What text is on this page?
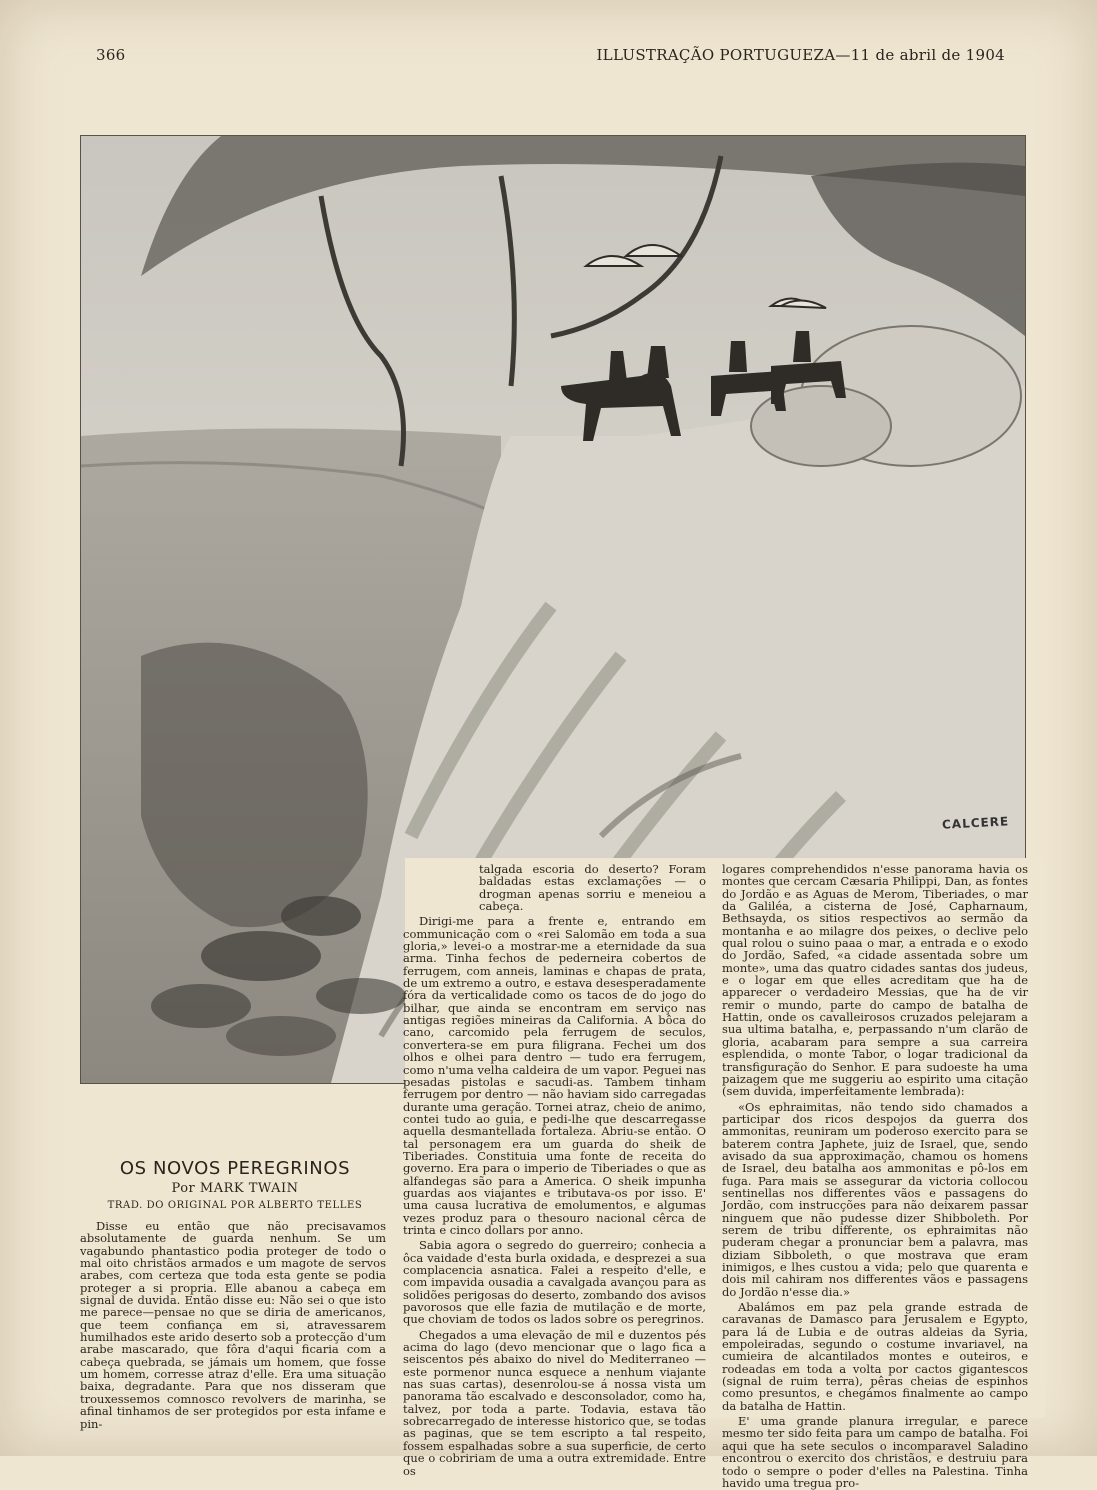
366	ILLUSTRAÇÃO PORTUGUEZA—11 de abril de 1904
CALCERE

talgada escoria do deserto? Foram baldadas estas exclamações — o drogman apenas sorriu e meneiou a cabeça.

Dirigi-me para a frente e, entrando em communicação com o «rei Salomão em toda a sua gloria,» levei-o a mostrar-me a eternidade da sua arma. Tinha fechos de pederneira cobertos de ferrugem, com anneis, laminas e chapas de prata, de um extremo a outro, e estava desesperadamente fóra da verticalidade como os tacos de do jogo do bilhar, que ainda se encontram em serviço nas antigas regiões mineiras da California. A bôca do cano, carcomido pela ferrugem de seculos, convertera-se em pura filigrana. Fechei um dos olhos e olhei para dentro — tudo era ferrugem, como n'uma velha caldeira de um vapor. Peguei nas pesadas pistolas e sacudi-as. Tambem tinham ferrugem por dentro — não haviam sido carregadas durante uma geração. Tornei atraz, cheio de animo, contei tudo ao guia, e pedi-lhe que descarregasse aquella desmantellada fortaleza. Abriu-se então. O tal personagem era um guarda do sheik de Tiberiades. Constituia uma fonte de receita do governo. Era para o imperio de Tiberiades o que as alfandegas são para a America. O sheik impunha guardas aos viajantes e tributava-os por isso. E' uma causa lucrativa de emolumentos, e algumas vezes produz para o thesouro nacional cêrca de trinta e cinco dollars por anno.

Sabia agora o segredo do guerreiro; conhecia a ôca vaidade d'esta burla oxidada, e desprezei a sua complacencia asnatica. Falei a respeito d'elle, e com impavida ousadia a cavalgada avançou para as solidões perigosas do deserto, zombando dos avisos pavorosos que elle fazia de mutilação e de morte, que choviam de todos os lados sobre os peregrinos.

Chegados a uma elevação de mil e duzentos pés acima do lago (devo mencionar que o lago fica a seiscentos pés abaixo do nivel do Mediterraneo — este pormenor nunca esquece a nenhum viajante nas suas cartas), desenrolou-se á nossa vista um panorama tão escalvado e desconsolador, como ha, talvez, por toda a parte. Todavia, estava tão sobrecarregado de interesse historico que, se todas as paginas, que se tem escripto a tal respeito, fossem espalhadas sobre a sua superficie, de certo que o cobririam de uma a outra extremidade. Entre os

logares comprehendidos n'esse panorama havia os montes que cercam Cæsaria Philippi, Dan, as fontes do Jordão e as Aguas de Merom, Tiberiades, o mar da Galiléa, a cisterna de José, Capharnaum, Bethsayda, os sitios respectivos ao sermão da montanha e ao milagre dos peixes, o declive pelo qual rolou o suino paaa o mar, a entrada e o exodo do Jordão, Safed, «a cidade assentada sobre um monte», uma das quatro cidades santas dos judeus, e o logar em que elles acreditam que ha de apparecer o verdadeiro Messias, que ha de vir remir o mundo, parte do campo de batalha de Hattin, onde os cavalleirosos cruzados pelejaram a sua ultima batalha, e, perpassando n'um clarão de gloria, acabaram para sempre a sua carreira esplendida, o monte Tabor, o logar tradicional da transfiguração do Senhor. E para sudoeste ha uma paizagem que me suggeriu ao espirito uma citação (sem duvida, imperfeitamente lembrada):

«Os ephraimitas, não tendo sido chamados a participar dos ricos despojos da guerra dos ammonitas, reuniram um poderoso exercito para se baterem contra Japhete, juiz de Israel, que, sendo avisado da sua approximação, chamou os homens de Israel, deu batalha aos ammonitas e pô-los em fuga. Para mais se assegurar da victoria collocou sentinellas nos differentes vãos e passagens do Jordão, com instrucções para não deixarem passar ninguem que não pudesse dizer Shibboleth. Por serem de tribu differente, os ephraimitas não puderam chegar a pronunciar bem a palavra, mas diziam Sibboleth, o que mostrava que eram inimigos, e lhes custou a vida; pelo que quarenta e dois mil cahiram nos differentes vãos e passagens do Jordão n'esse dia.»

Abalámos em paz pela grande estrada de caravanas de Damasco para Jerusalem e Egypto, para lá de Lubia e de outras aldeias da Syria, empoleiradas, segundo o costume invariavel, na cumieira de alcantilados montes e outeiros, e rodeadas em toda a volta por cactos gigantescos (signal de ruim terra), pêras cheias de espinhos como presuntos, e chegámos finalmente ao campo da batalha de Hattin.

E' uma grande planura irregular, e parece mesmo ter sido feita para um campo de batalha. Foi aqui que ha sete seculos o incomparavel Saladino encontrou o exercito dos christãos, e destruiu para todo o sempre o poder d'elles na Palestina. Tinha havido uma tregua pro-

OS NOVOS PEREGRINOS
Por MARK TWAIN
TRAD. DO ORIGINAL POR ALBERTO TELLES

Disse eu então que não precisavamos absolutamente de guarda nenhum. Se um vagabundo phantastico podia proteger de todo o mal oito christãos armados e um magote de servos arabes, com certeza que toda esta gente se podia proteger a si propria. Elle abanou a cabeça em signal de duvida. Então disse eu: Não sei o que isto me parece—pensae no que se diria de americanos, que teem confiança em si, atravessarem humilhados este arido deserto sob a protecção d'um arabe mascarado, que fôra d'aqui ficaria com a cabeça quebrada, se jámais um homem, que fosse um homem, corresse atraz d'elle. Era uma situação baixa, degradante. Para que nos disseram que trouxessemos comnosco revolvers de marinha, se afinal tinhamos de ser protegidos por esta infame e pin-
